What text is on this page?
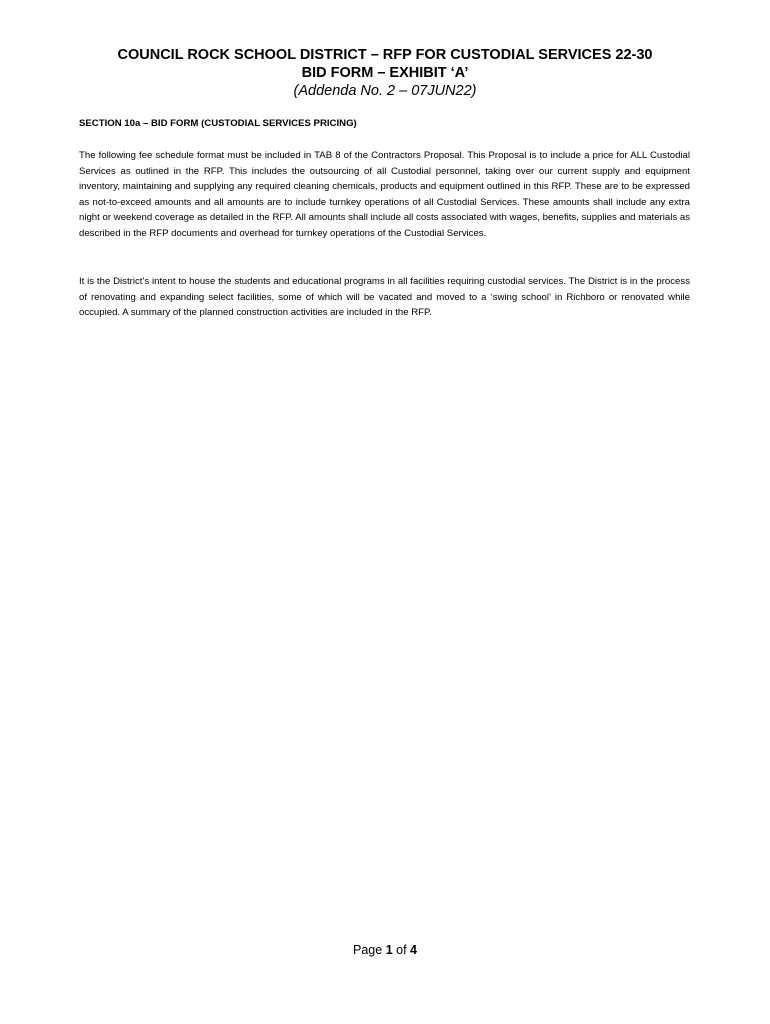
COUNCIL ROCK SCHOOL DISTRICT – RFP FOR CUSTODIAL SERVICES 22-30
BID FORM – EXHIBIT ‘A’
(Addenda No. 2 – 07JUN22)
SECTION 10a – BID FORM (CUSTODIAL SERVICES PRICING)

The following fee schedule format must be included in TAB 8 of the Contractors Proposal. This Proposal is to include a price for ALL Custodial Services as outlined in the RFP. This includes the outsourcing of all Custodial personnel, taking over our current supply and equipment inventory, maintaining and supplying any required cleaning chemicals, products and equipment outlined in this RFP. These are to be expressed as not-to-exceed amounts and all amounts are to include turnkey operations of all Custodial Services. These amounts shall include any extra night or weekend coverage as detailed in the RFP. All amounts shall include all costs associated with wages, benefits, supplies and materials as described in the RFP documents and overhead for turnkey operations of the Custodial Services.

It is the District’s intent to house the students and educational programs in all facilities requiring custodial services. The District is in the process of renovating and expanding select facilities, some of which will be vacated and moved to a ‘swing school’ in Richboro or renovated while occupied. A summary of the planned construction activities are included in the RFP.

Page 1 of 4
